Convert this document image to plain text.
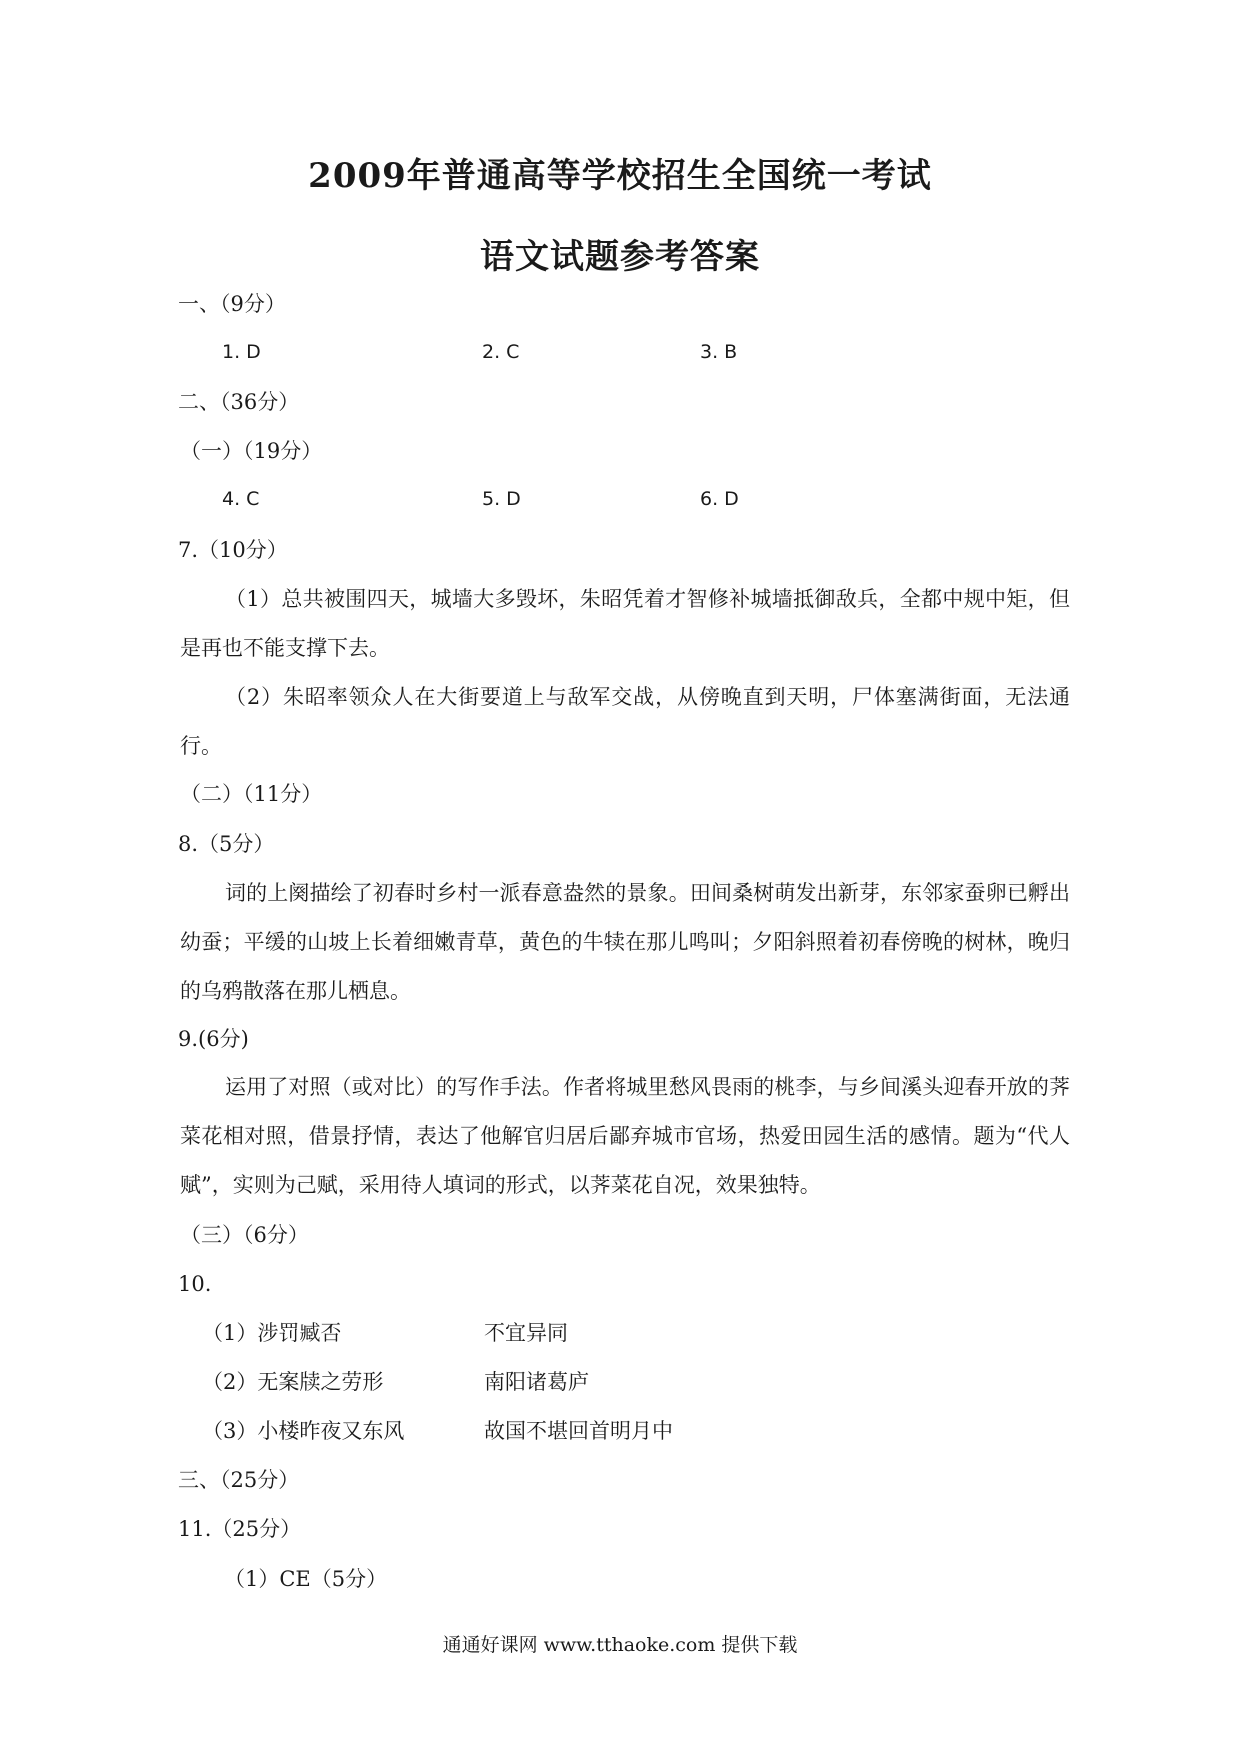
2009年普通高等学校招生全国统一考试
语文试题参考答案
一、（9分）
1. D	2. C	3. B
二、（36分）
（一）（19分）
4. C	5. D	6. D
7.（10分）
（1）总共被围四天，城墙大多毁坏，朱昭凭着才智修补城墙抵御敌兵，全都中规中矩，但是再也不能支撑下去。
（2）朱昭率领众人在大街要道上与敌军交战，从傍晚直到天明，尸体塞满街面，无法通行。
（二）（11分）
8.（5分）
词的上阕描绘了初春时乡村一派春意盎然的景象。田间桑树萌发出新芽，东邻家蚕卵已孵出幼蚕；平缓的山坡上长着细嫩青草，黄色的牛犊在那儿鸣叫；夕阳斜照着初春傍晚的树林，晚归的乌鸦散落在那儿栖息。
9.(6分)
运用了对照（或对比）的写作手法。作者将城里愁风畏雨的桃李，与乡间溪头迎春开放的荠菜花相对照，借景抒情，表达了他解官归居后鄙弃城市官场，热爱田园生活的感情。题为“代人赋”，实则为己赋，采用待人填词的形式，以荠菜花自况，效果独特。
（三）（6分）
10.
（1）涉罚臧否	不宜异同
（2）无案牍之劳形	南阳诸葛庐
（3）小楼昨夜又东风	故国不堪回首明月中
三、（25分）
11.（25分）
（1）CE（5分）
通通好课网 www.tthaoke.com 提供下载
